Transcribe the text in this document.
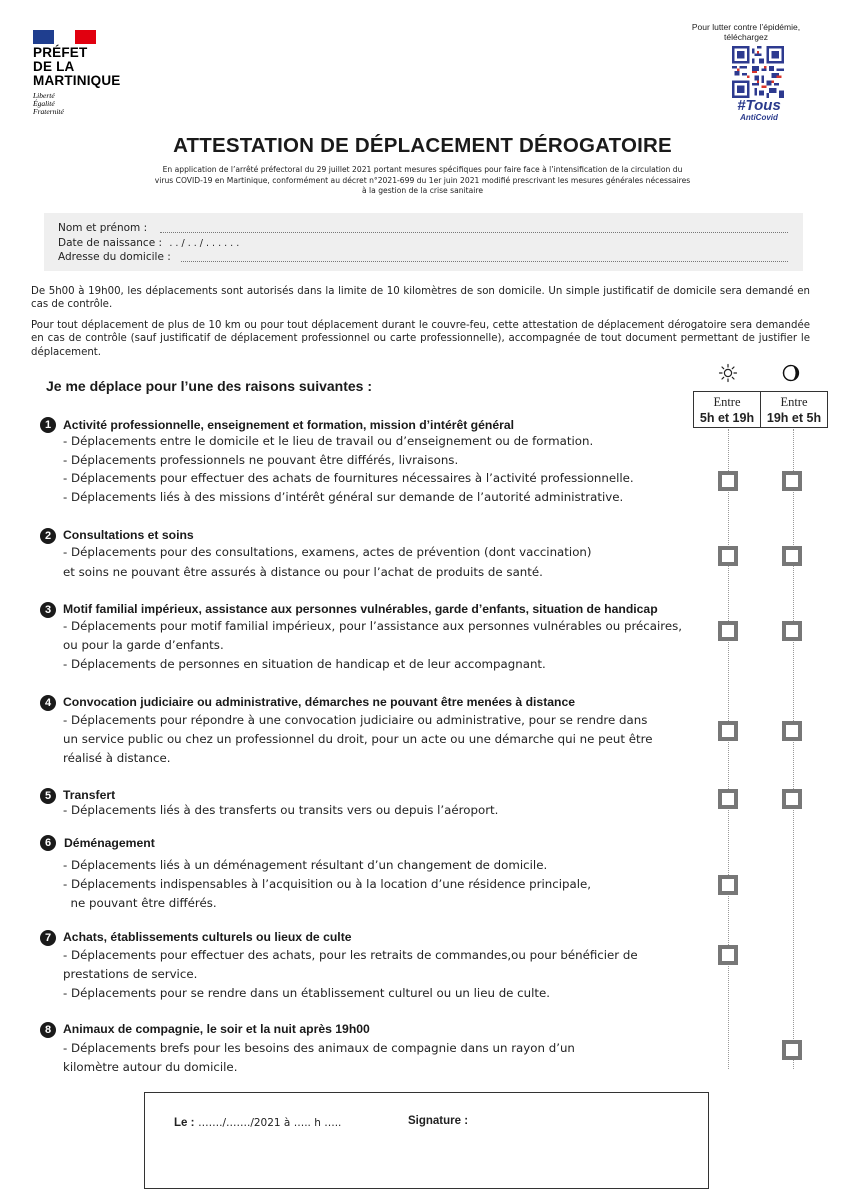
PRÉFET
DE LA
MARTINIQUE
Liberté
Égalité
Fraternité
Pour lutter contre l’épidémie,
téléchargez
#Tous
AntiCovid
ATTESTATION DE DÉPLACEMENT DÉROGATOIRE
En application de l’arrêté préfectoral du 29 juillet 2021 portant mesures spécifiques pour faire face à l’intensification de la circulation du
virus COVID-19 en Martinique, conformément au décret n°2021-699 du 1er juin 2021 modifié prescrivant les mesures générales nécessaires
à la gestion de la crise sanitaire
Nom et prénom :
Date de naissance : . . / . . / . . . . . .
Adresse du domicile :
De 5h00 à 19h00, les déplacements sont autorisés dans la limite de 10 kilomètres de son domicile. Un simple justificatif de domicile sera demandé en cas de contrôle.
Pour tout déplacement de plus de 10 km ou pour tout déplacement durant le couvre-feu, cette attestation de déplacement dérogatoire sera demandée en cas de contrôle (sauf justificatif de déplacement professionnel ou carte professionnelle), accompagnée de tout document permettant de justifier le déplacement.
Je me déplace pour l’une des raisons suivantes :
Entre
5h et 19h
Entre
19h et 5h
1 Activité professionnelle, enseignement et formation, mission d’intérêt général
- Déplacements entre le domicile et le lieu de travail ou d’enseignement ou de formation.
- Déplacements professionnels ne pouvant être différés, livraisons.
- Déplacements pour effectuer des achats de fournitures nécessaires à l’activité professionnelle.
- Déplacements liés à des missions d’intérêt général sur demande de l’autorité administrative.
2 Consultations et soins
- Déplacements pour des consultations, examens, actes de prévention (dont vaccination)
et soins ne pouvant être assurés à distance ou pour l’achat de produits de santé.
3 Motif familial impérieux, assistance aux personnes vulnérables, garde d’enfants, situation de handicap
- Déplacements pour motif familial impérieux, pour l’assistance aux personnes vulnérables ou précaires,
ou pour la garde d’enfants.
- Déplacements de personnes en situation de handicap et de leur accompagnant.
4 Convocation judiciaire ou administrative, démarches ne pouvant être menées à distance
- Déplacements pour répondre à une convocation judiciaire ou administrative, pour se rendre dans
un service public ou chez un professionnel du droit, pour un acte ou une démarche qui ne peut être
réalisé à distance.
5 Transfert
- Déplacements liés à des transferts ou transits vers ou depuis l’aéroport.
6	Déménagement
- Déplacements liés à un déménagement résultant d’un changement de domicile.
- Déplacements indispensables à l’acquisition ou à la location d’une résidence principale,
ne pouvant être différés.
7 Achats, établissements culturels ou lieux de culte
- Déplacements pour effectuer des achats, pour les retraits de commandes,ou pour bénéficier de
prestations de service.
- Déplacements pour se rendre dans un établissement culturel ou un lieu de culte.
8 Animaux de compagnie, le soir et la nuit après 19h00
- Déplacements brefs pour les besoins des animaux de compagnie dans un rayon d’un
kilomètre autour du domicile.
Le : ……./……./2021 à ….. h …..	Signature :
